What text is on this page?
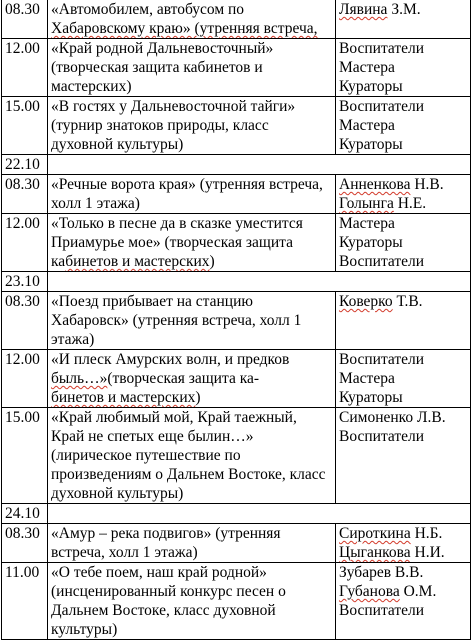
08.30	«Автомобилем, автобусом по
Хабаровскому краю» (утренняя встреча,	Лявина З.М.

12.00	«Край родной Дальневосточный»
(творческая защита кабинетов и
мастерских)	Воспитатели
Мастера
Кураторы

15.00	«В гостях у Дальневосточной тайги»
(турнир знатоков природы, класс
духовной культуры)	Воспитатели
Мастера
Кураторы

22.10		
08.30	«Речные ворота края» (утренняя встреча,
холл 1 этажа)	Анненкова Н.В.
Голынга Н.Е.

12.00	«Только в песне да в сказке уместится
Приамурье мое» (творческая защита
кабинетов и мастерских)	Мастера
Кураторы
Воспитатели

23.10		
08.30	«Поезд прибывает на станцию
Хабаровск» (утренняя встреча, холл 1
этажа)	Коверко Т.В.

12.00	«И плеск Амурских волн, и предков
быль…»(творческая защита ка-
бинетов и мастерских)	Воспитатели
Мастера
Кураторы

15.00	«Край любимый мой, Край таежный,
Край не спетых еще былин…»
(лирическое путешествие по
произведениям о Дальнем Востоке, класс
духовной культуры)	Симоненко Л.В.
Воспитатели

24.10		
08.30	«Амур – река подвигов» (утренняя
встреча, холл 1 этажа)	Сироткина Н.Б.
Цыганкова Н.И.

11.00	«О тебе поем, наш край родной»
(инсценированный конкурс песен о
Дальнем Востоке, класс духовной
культуры)	Зубарев В.В.
Губанова О.М.
Воспитатели
